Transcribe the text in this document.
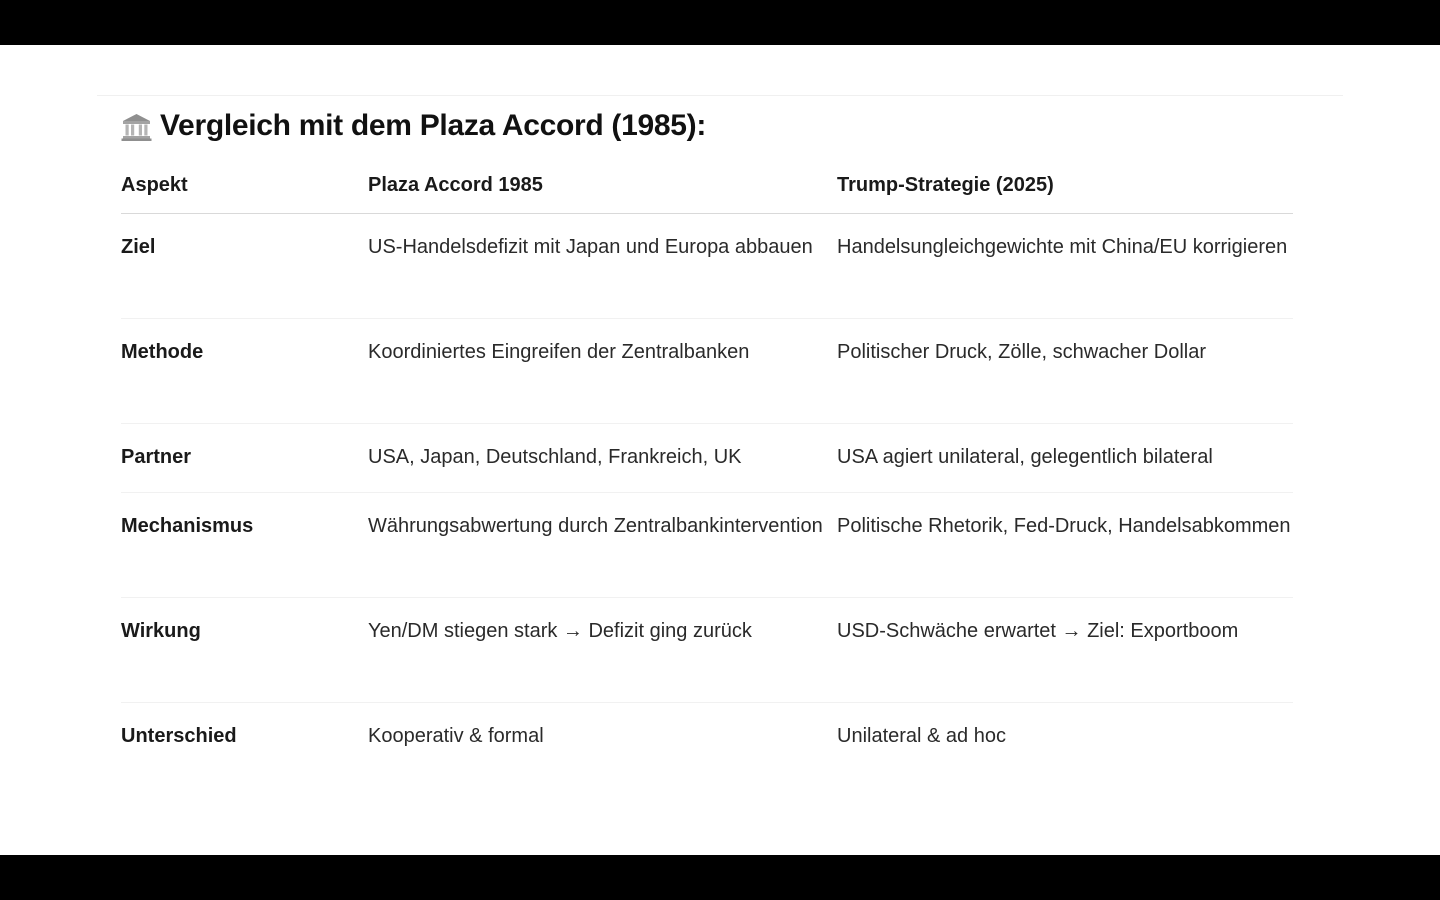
Vergleich mit dem Plaza Accord (1985):
Aspekt	Plaza Accord 1985	Trump-Strategie (2025)
Ziel	US-Handelsdefizit mit Japan und Europa abbauen	Handelsungleichgewichte mit China/EU korrigieren
Methode	Koordiniertes Eingreifen der Zentralbanken	Politischer Druck, Zölle, schwacher Dollar
Partner	USA, Japan, Deutschland, Frankreich, UK	USA agiert unilateral, gelegentlich bilateral
Mechanismus	Währungsabwertung durch Zentralbankintervention	Politische Rhetorik, Fed-Druck, Handelsabkommen
Wirkung	Yen/DM stiegen stark → Defizit ging zurück	USD-Schwäche erwartet → Ziel: Exportboom
Unterschied	Kooperativ & formal	Unilateral & ad hoc
